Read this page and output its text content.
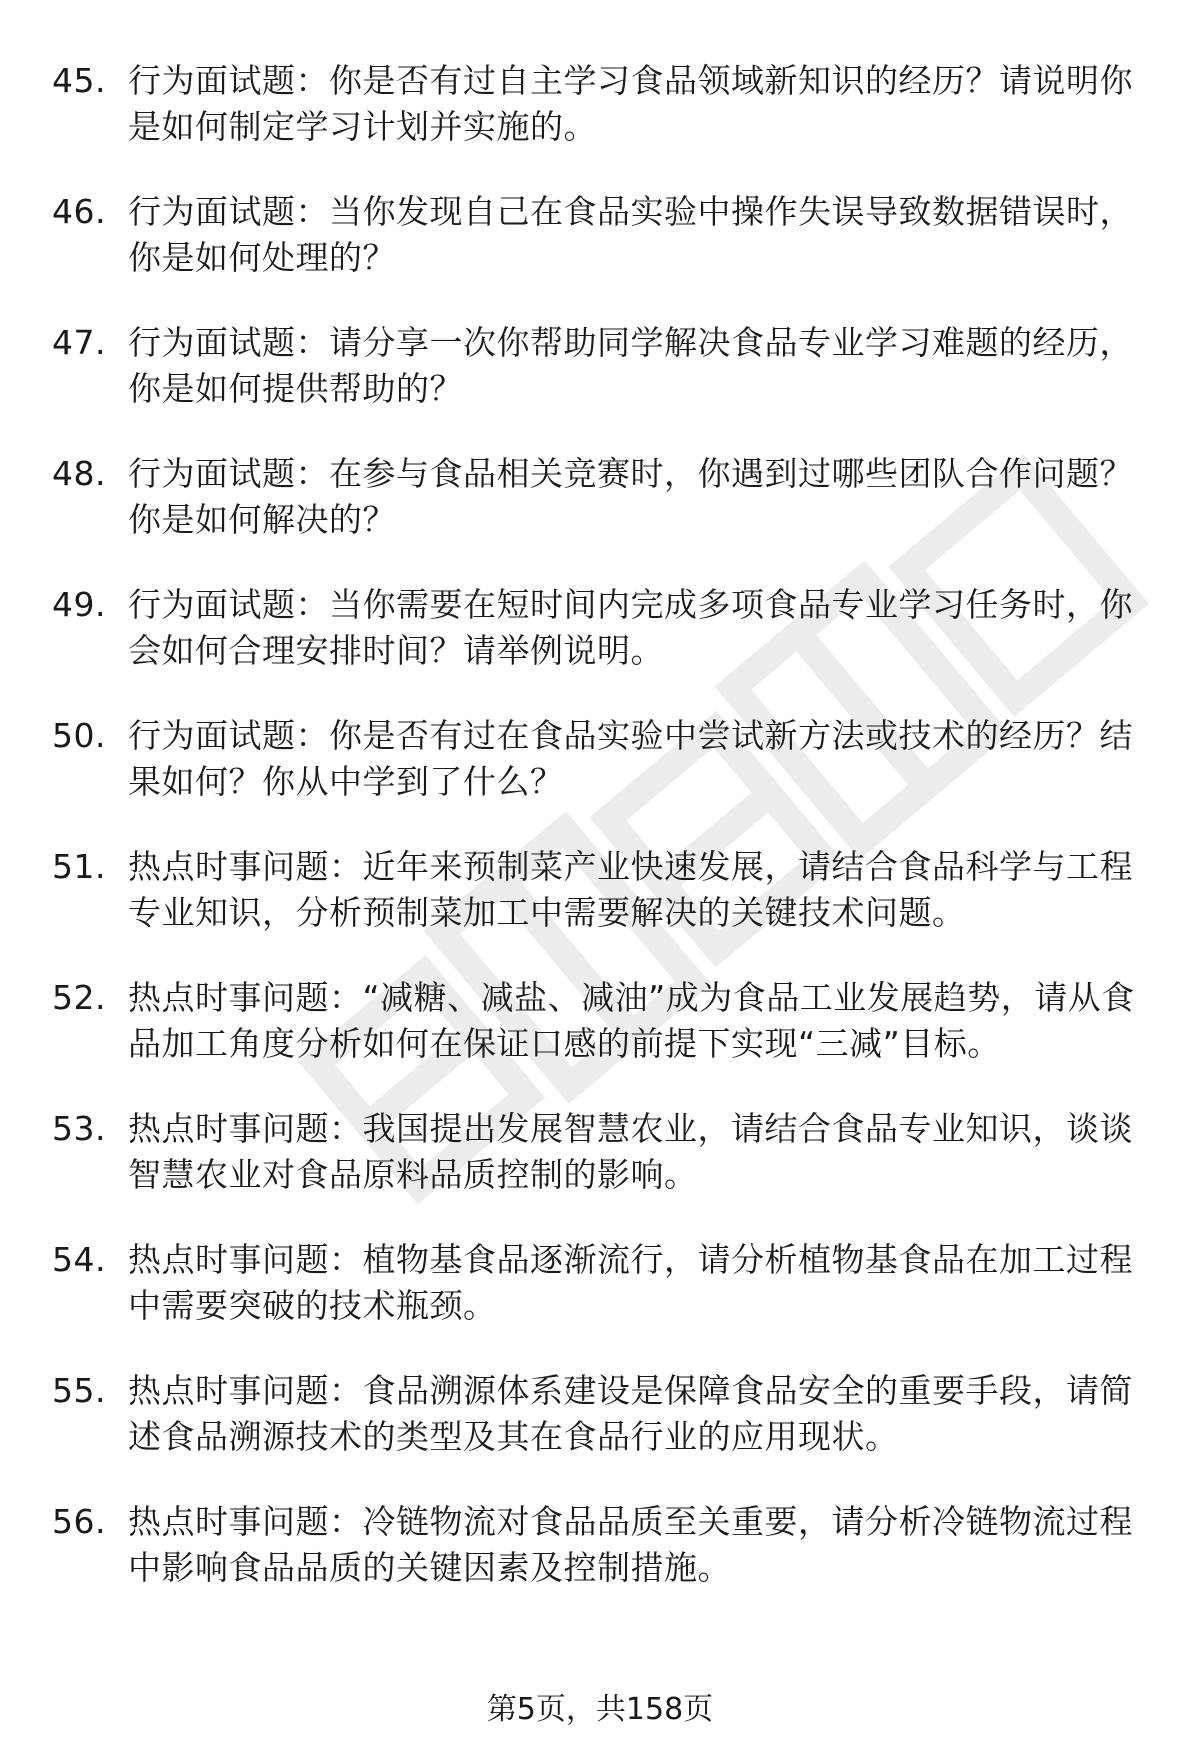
45. 行为面试题：你是否有过自主学习食品领域新知识的经历？请说明你是如何制定学习计划并实施的。
46. 行为面试题：当你发现自己在食品实验中操作失误导致数据错误时，你是如何处理的？
47. 行为面试题：请分享一次你帮助同学解决食品专业学习难题的经历，你是如何提供帮助的？
48. 行为面试题：在参与食品相关竞赛时，你遇到过哪些团队合作问题？你是如何解决的？
49. 行为面试题：当你需要在短时间内完成多项食品专业学习任务时，你会如何合理安排时间？请举例说明。
50. 行为面试题：你是否有过在食品实验中尝试新方法或技术的经历？结果如何？你从中学到了什么？
51. 热点时事问题：近年来预制菜产业快速发展，请结合食品科学与工程专业知识，分析预制菜加工中需要解决的关键技术问题。
52. 热点时事问题：“减糖、减盐、减油”成为食品工业发展趋势，请从食品加工角度分析如何在保证口感的前提下实现“三减”目标。
53. 热点时事问题：我国提出发展智慧农业，请结合食品专业知识，谈谈智慧农业对食品原料品质控制的影响。
54. 热点时事问题：植物基食品逐渐流行，请分析植物基食品在加工过程中需要突破的技术瓶颈。
55. 热点时事问题：食品溯源体系建设是保障食品安全的重要手段，请简述食品溯源技术的类型及其在食品行业的应用现状。
56. 热点时事问题：冷链物流对食品品质至关重要，请分析冷链物流过程中影响食品品质的关键因素及控制措施。
第5页，共158页
